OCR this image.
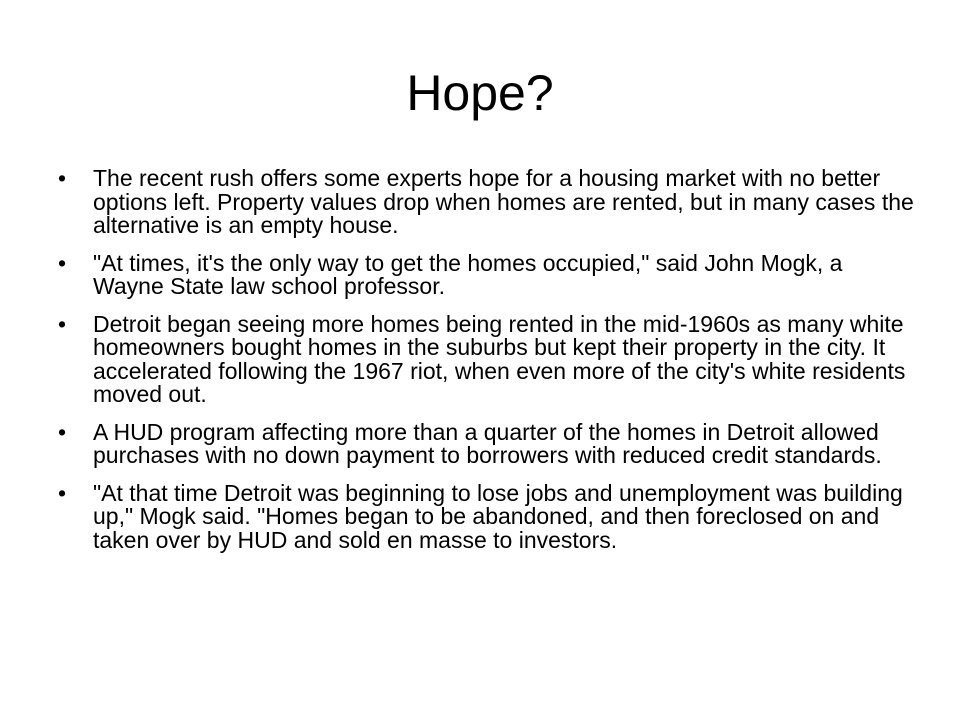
Hope?
• The recent rush offers some experts hope for a housing market with no better options left. Property values drop when homes are rented, but in many cases the alternative is an empty house.
• "At times, it's the only way to get the homes occupied," said John Mogk, a Wayne State law school professor.
• Detroit began seeing more homes being rented in the mid-1960s as many white homeowners bought homes in the suburbs but kept their property in the city. It accelerated following the 1967 riot, when even more of the city's white residents moved out.
• A HUD program affecting more than a quarter of the homes in Detroit allowed purchases with no down payment to borrowers with reduced credit standards.
• "At that time Detroit was beginning to lose jobs and unemployment was building up," Mogk said. "Homes began to be abandoned, and then foreclosed on and taken over by HUD and sold en masse to investors.
